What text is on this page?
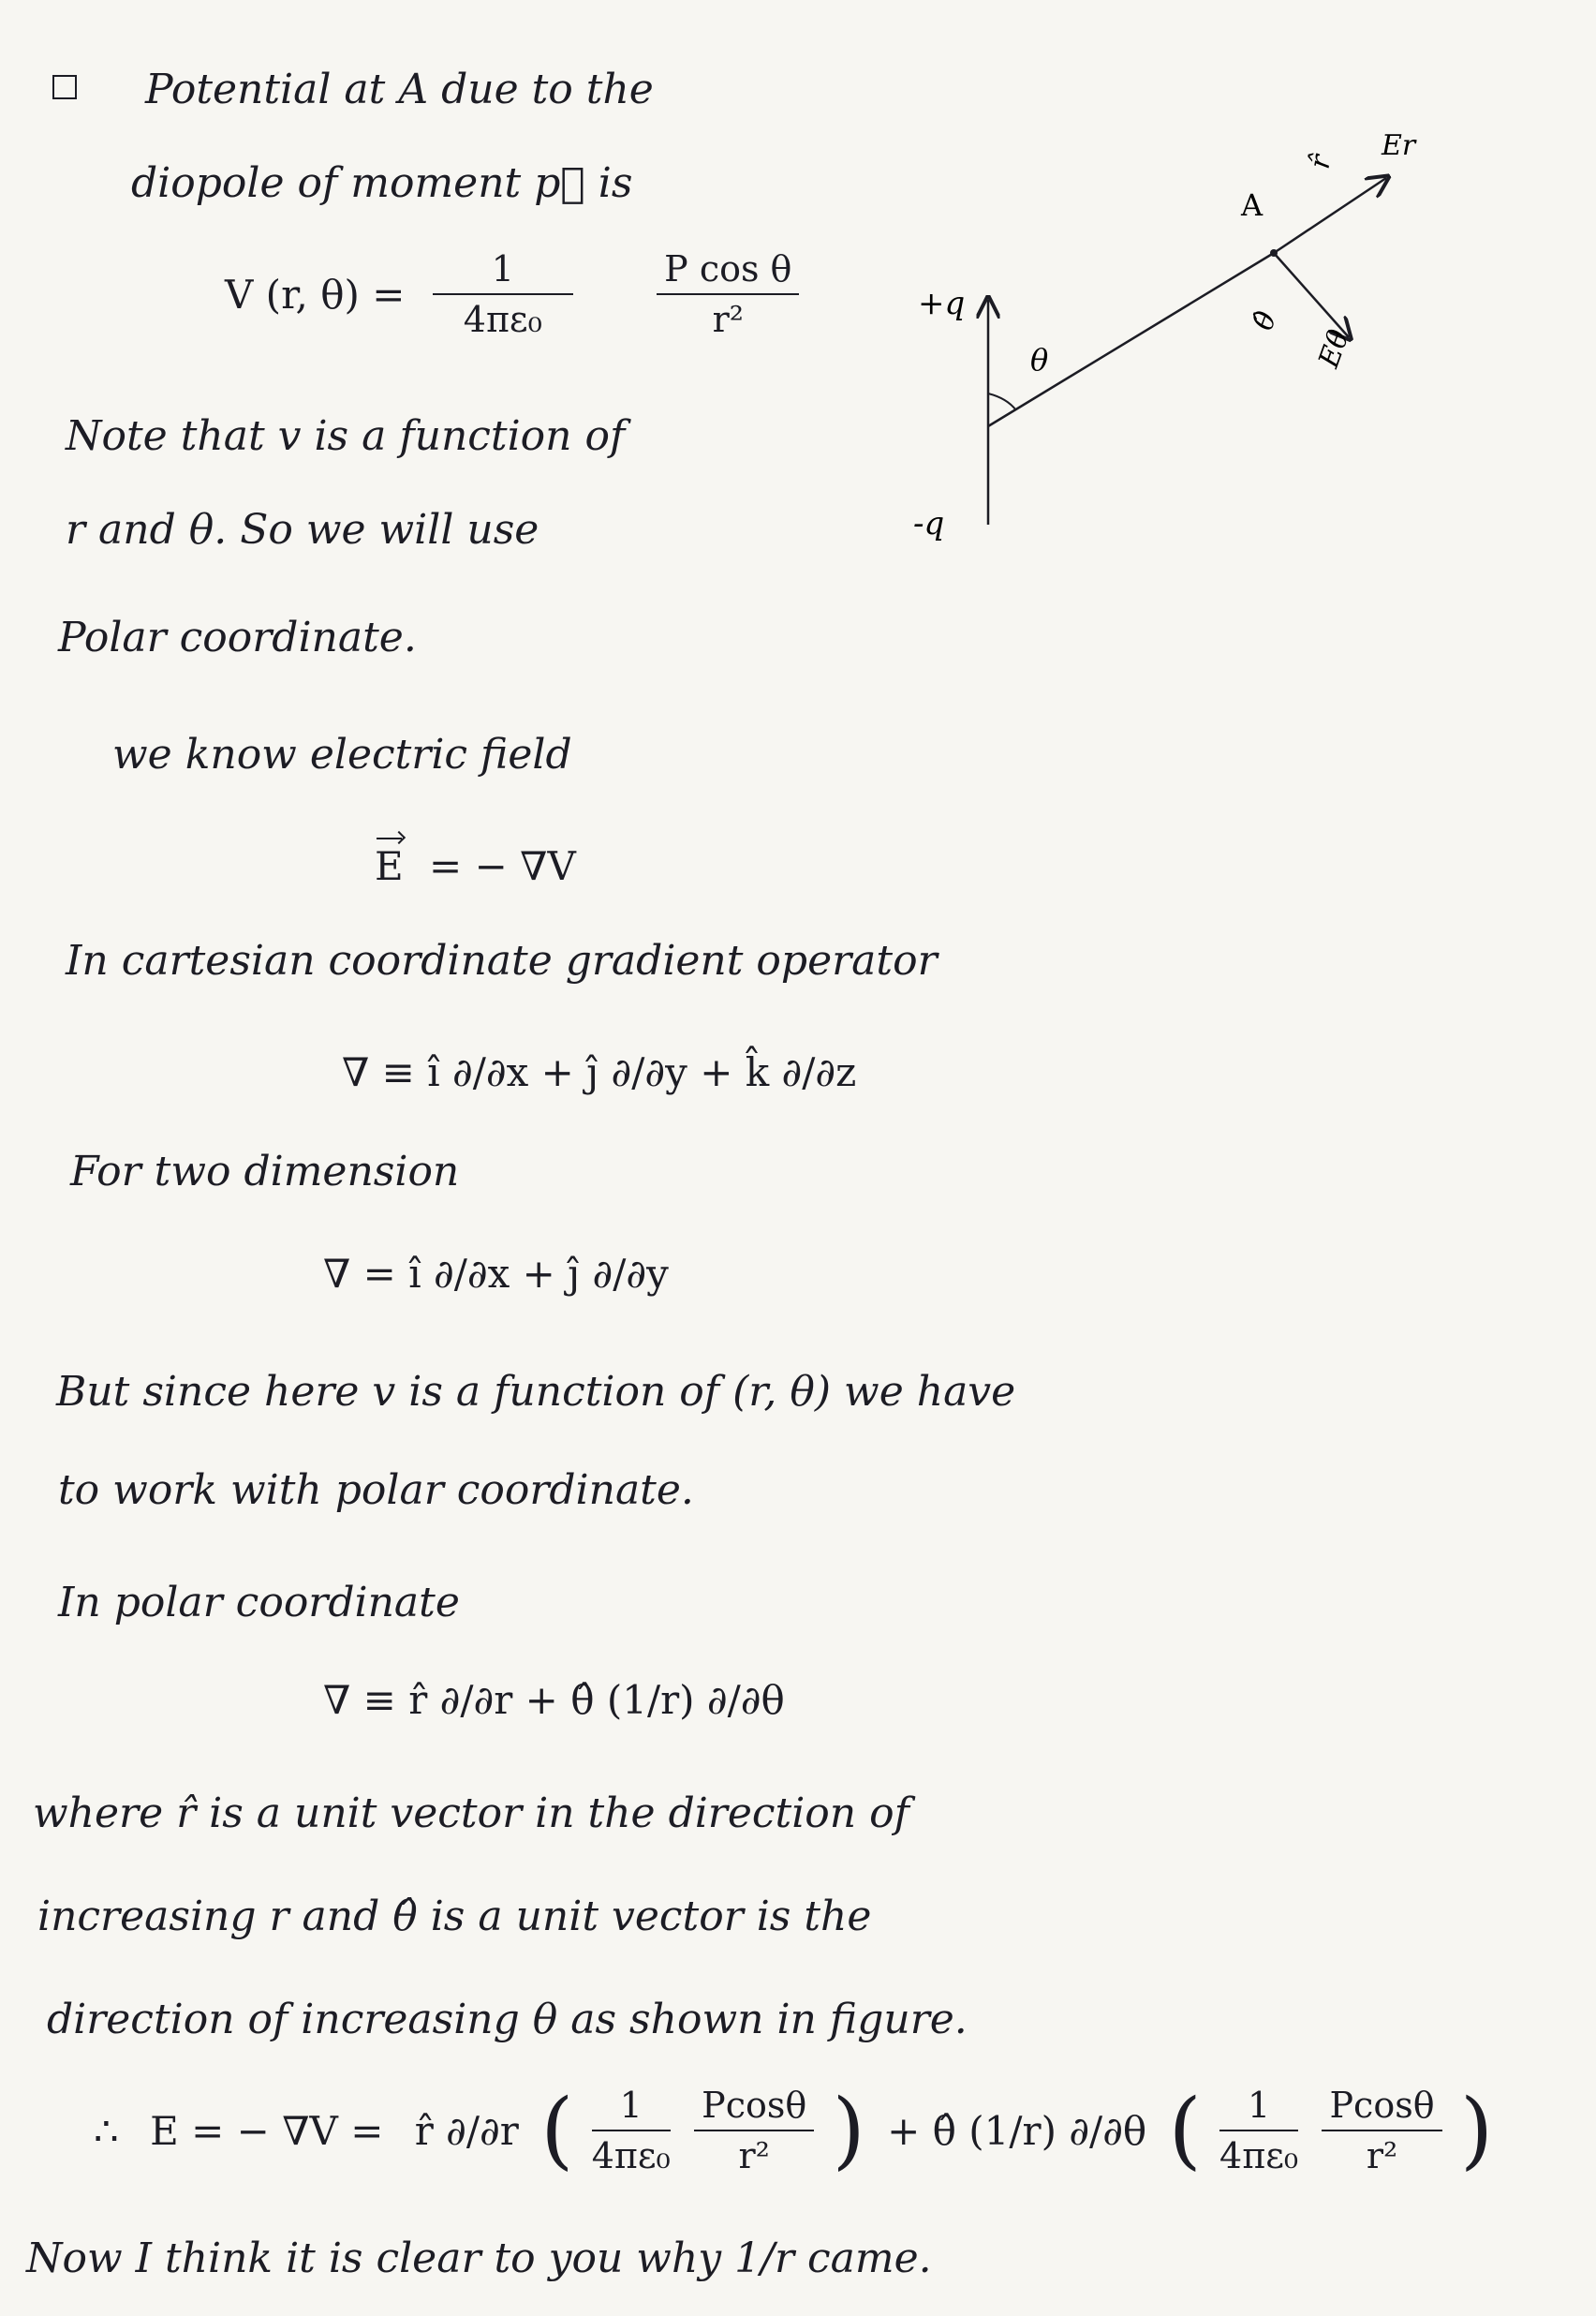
Potential at A due to the
diopole of moment p⃗ is
V (r, $\theta) = \frac{1}{\text{4πε₀}}$
$\frac{\text{P cos θ}}{\text{r²}}$
Note that v is a function of
r and θ. So we will use
Polar coordinate.
we know electric field
E = − ∇V
In cartesian coordinate gradient operator
∇ ≡ î ∂/∂x + ĵ ∂/∂y + k̂ ∂/∂z
For two dimension
∇ = î ∂/∂x + ĵ ∂/∂y
But since here v is a function of (r, θ) we have
to work with polar coordinate.
In polar coordinate
∇ ≡ r̂ ∂/∂r + θ̂ (1/r) ∂/∂θ
where r̂ is a unit vector in the direction of
increasing r and θ̂ is a unit vector is the
direction of increasing θ as shown in figure.
∴ E = − ∇V = r̂ ∂/∂r ( $\frac{1}{\text{4πε₀}}$
$\frac{Pcos\theta}{\text{r²}}$ ) + θ̂ (1/r) ∂/∂θ ( $\frac{1}{\text{4πε₀}}$
$\frac{Pcos\theta}{\text{r²}}$ )
Now I think it is clear to you why 1/r came.
+q
-q
θ
A
r̂ Er
θ̂
Eθ
